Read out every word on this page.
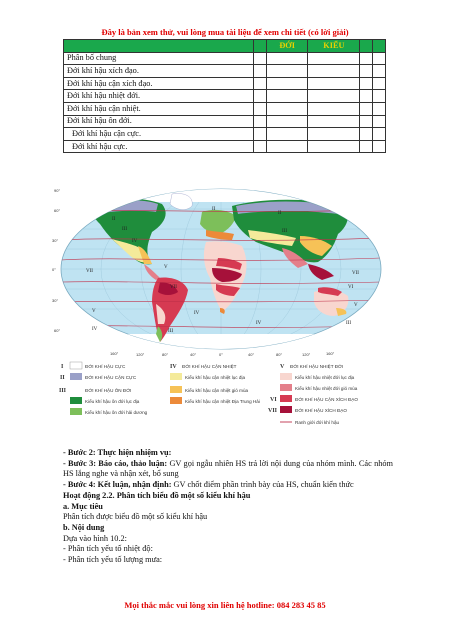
Đây là bản xem thử, vui lòng mua tài liệu để xem chi tiết (có lời giải)
		ĐỚI	KIỂU		
Phân bố chung					
Đới khí hậu xích đạo.					
Đới khí hậu cận xích đạo.					
Đới khí hậu nhiệt đới.					
Đới khí hậu cận nhiệt.					
Đới khí hậu ôn đới.					
Đới khí hậu cận cực.					
Đới khí hậu cực.					
II
III
IV
VII
V
VII
IV
III
V
IV
II
II
III
VII
V
VI
IV	III
90°
60°
30°
0°
30°
60°
160°	120°	80°	40°	0°	40°	80°	120°	160°
I	ĐỚI KHÍ HẬU CỰC
II	ĐỚI KHÍ HẬU CẬN CỰC
III	ĐỚI KHÍ HẬU ÔN ĐỚI
Kiểu khí hậu ôn đới lục địa
Kiểu khí hậu ôn đới hải dương
IV ĐỚI KHÍ HẬU CẬN NHIỆT
Kiểu khí hậu cận nhiệt lục địa
Kiểu khí hậu cận nhiệt gió mùa
Kiểu khí hậu cận nhiệt Địa Trung Hải
V ĐỚI KHÍ HẬU NHIỆT ĐỚI
Kiểu khí hậu nhiệt đới lục địa
Kiểu khí hậu nhiệt đới gió mùa
VI	ĐỚI KHÍ HẬU CẬN XÍCH ĐẠO
VII	ĐỚI KHÍ HẬU XÍCH ĐẠO
Ranh giới đới khí hậu

- Bước 2: Thực hiện nhiệm vụ:

- Bước 3: Báo cáo, thảo luận: GV gọi ngẫu nhiên HS trả lời nội dung của nhóm mình. Các nhóm HS lắng nghe và nhận xét, bổ sung

- Bước 4: Kết luận, nhận định: GV chốt điểm phần trình bày của HS, chuẩn kiến thức

Hoạt động 2.2. Phân tích biểu đồ một số kiểu khí hậu

a. Mục tiêu

Phân tích được biểu đồ một số kiểu khí hậu

b. Nội dung

Dựa vào hình 10.2:

- Phân tích yếu tố nhiệt độ:

- Phân tích yếu tố lượng mưa:

Mọi thắc mắc vui lòng xin liên hệ hotline: 084 283 45 85
